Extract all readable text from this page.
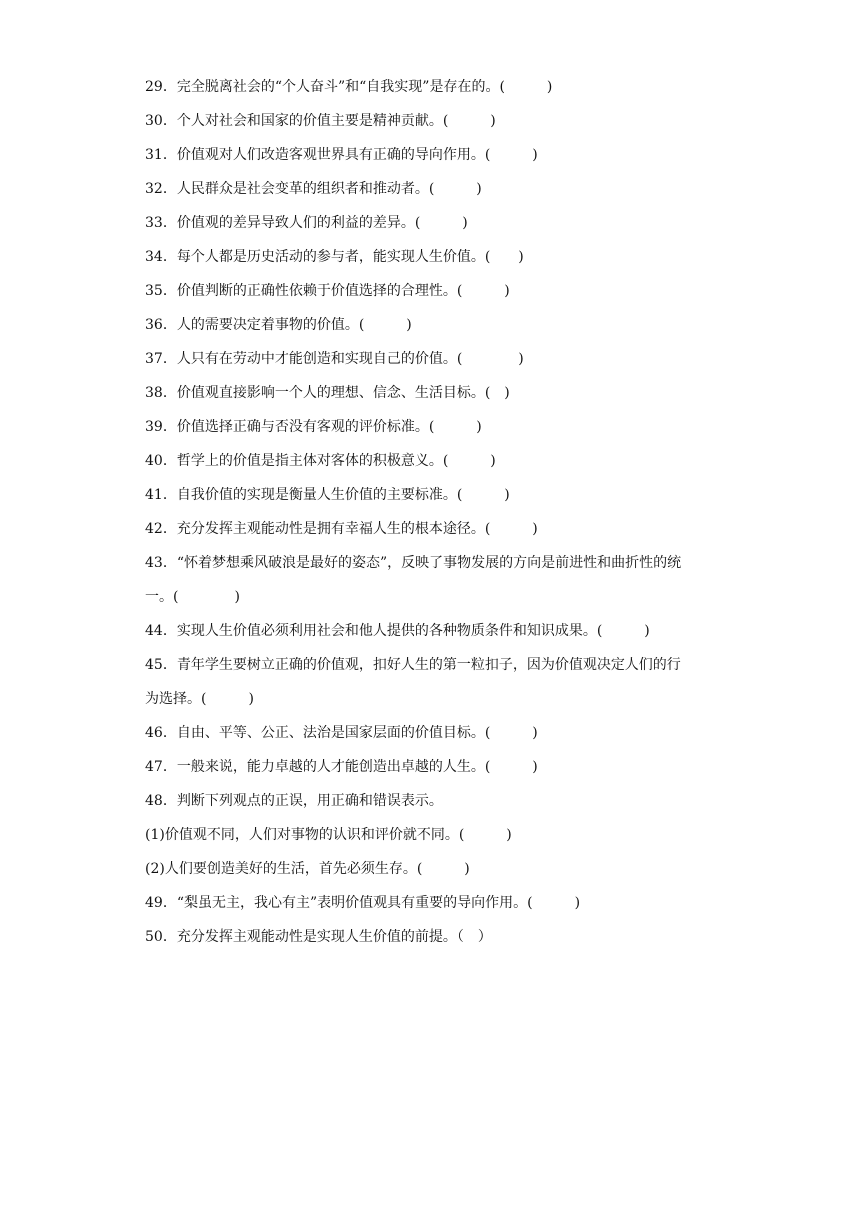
29．完全脱离社会的“个人奋斗”和“自我实现”是存在的。(　　　)
30．个人对社会和国家的价值主要是精神贡献。(　　　)
31．价值观对人们改造客观世界具有正确的导向作用。(　　　)
32．人民群众是社会变革的组织者和推动者。(　　　)
33．价值观的差异导致人们的利益的差异。(　　　)
34．每个人都是历史活动的参与者，能实现人生价值。(　　)
35．价值判断的正确性依赖于价值选择的合理性。(　　　)
36．人的需要决定着事物的价值。(　　　)
37．人只有在劳动中才能创造和实现自己的价值。(　　　　)
38．价值观直接影响一个人的理想、信念、生活目标。(　)
39．价值选择正确与否没有客观的评价标准。(　　　)
40．哲学上的价值是指主体对客体的积极意义。(　　　)
41．自我价值的实现是衡量人生价值的主要标准。(　　　)
42．充分发挥主观能动性是拥有幸福人生的根本途径。(　　　)
43．“怀着梦想乘风破浪是最好的姿态”，反映了事物发展的方向是前进性和曲折性的统
一。(　　　　)
44．实现人生价值必须利用社会和他人提供的各种物质条件和知识成果。(　　　)
45．青年学生要树立正确的价值观，扣好人生的第一粒扣子，因为价值观决定人们的行
为选择。(　　　)
46．自由、平等、公正、法治是国家层面的价值目标。(　　　)
47．一般来说，能力卓越的人才能创造出卓越的人生。(　　　)
48．判断下列观点的正误，用正确和错误表示。
(1)价值观不同，人们对事物的认识和评价就不同。(　　　)
(2)人们要创造美好的生活，首先必须生存。(　　　)
49．“梨虽无主，我心有主”表明价值观具有重要的导向作用。(　　　)
50．充分发挥主观能动性是实现人生价值的前提。（　）
